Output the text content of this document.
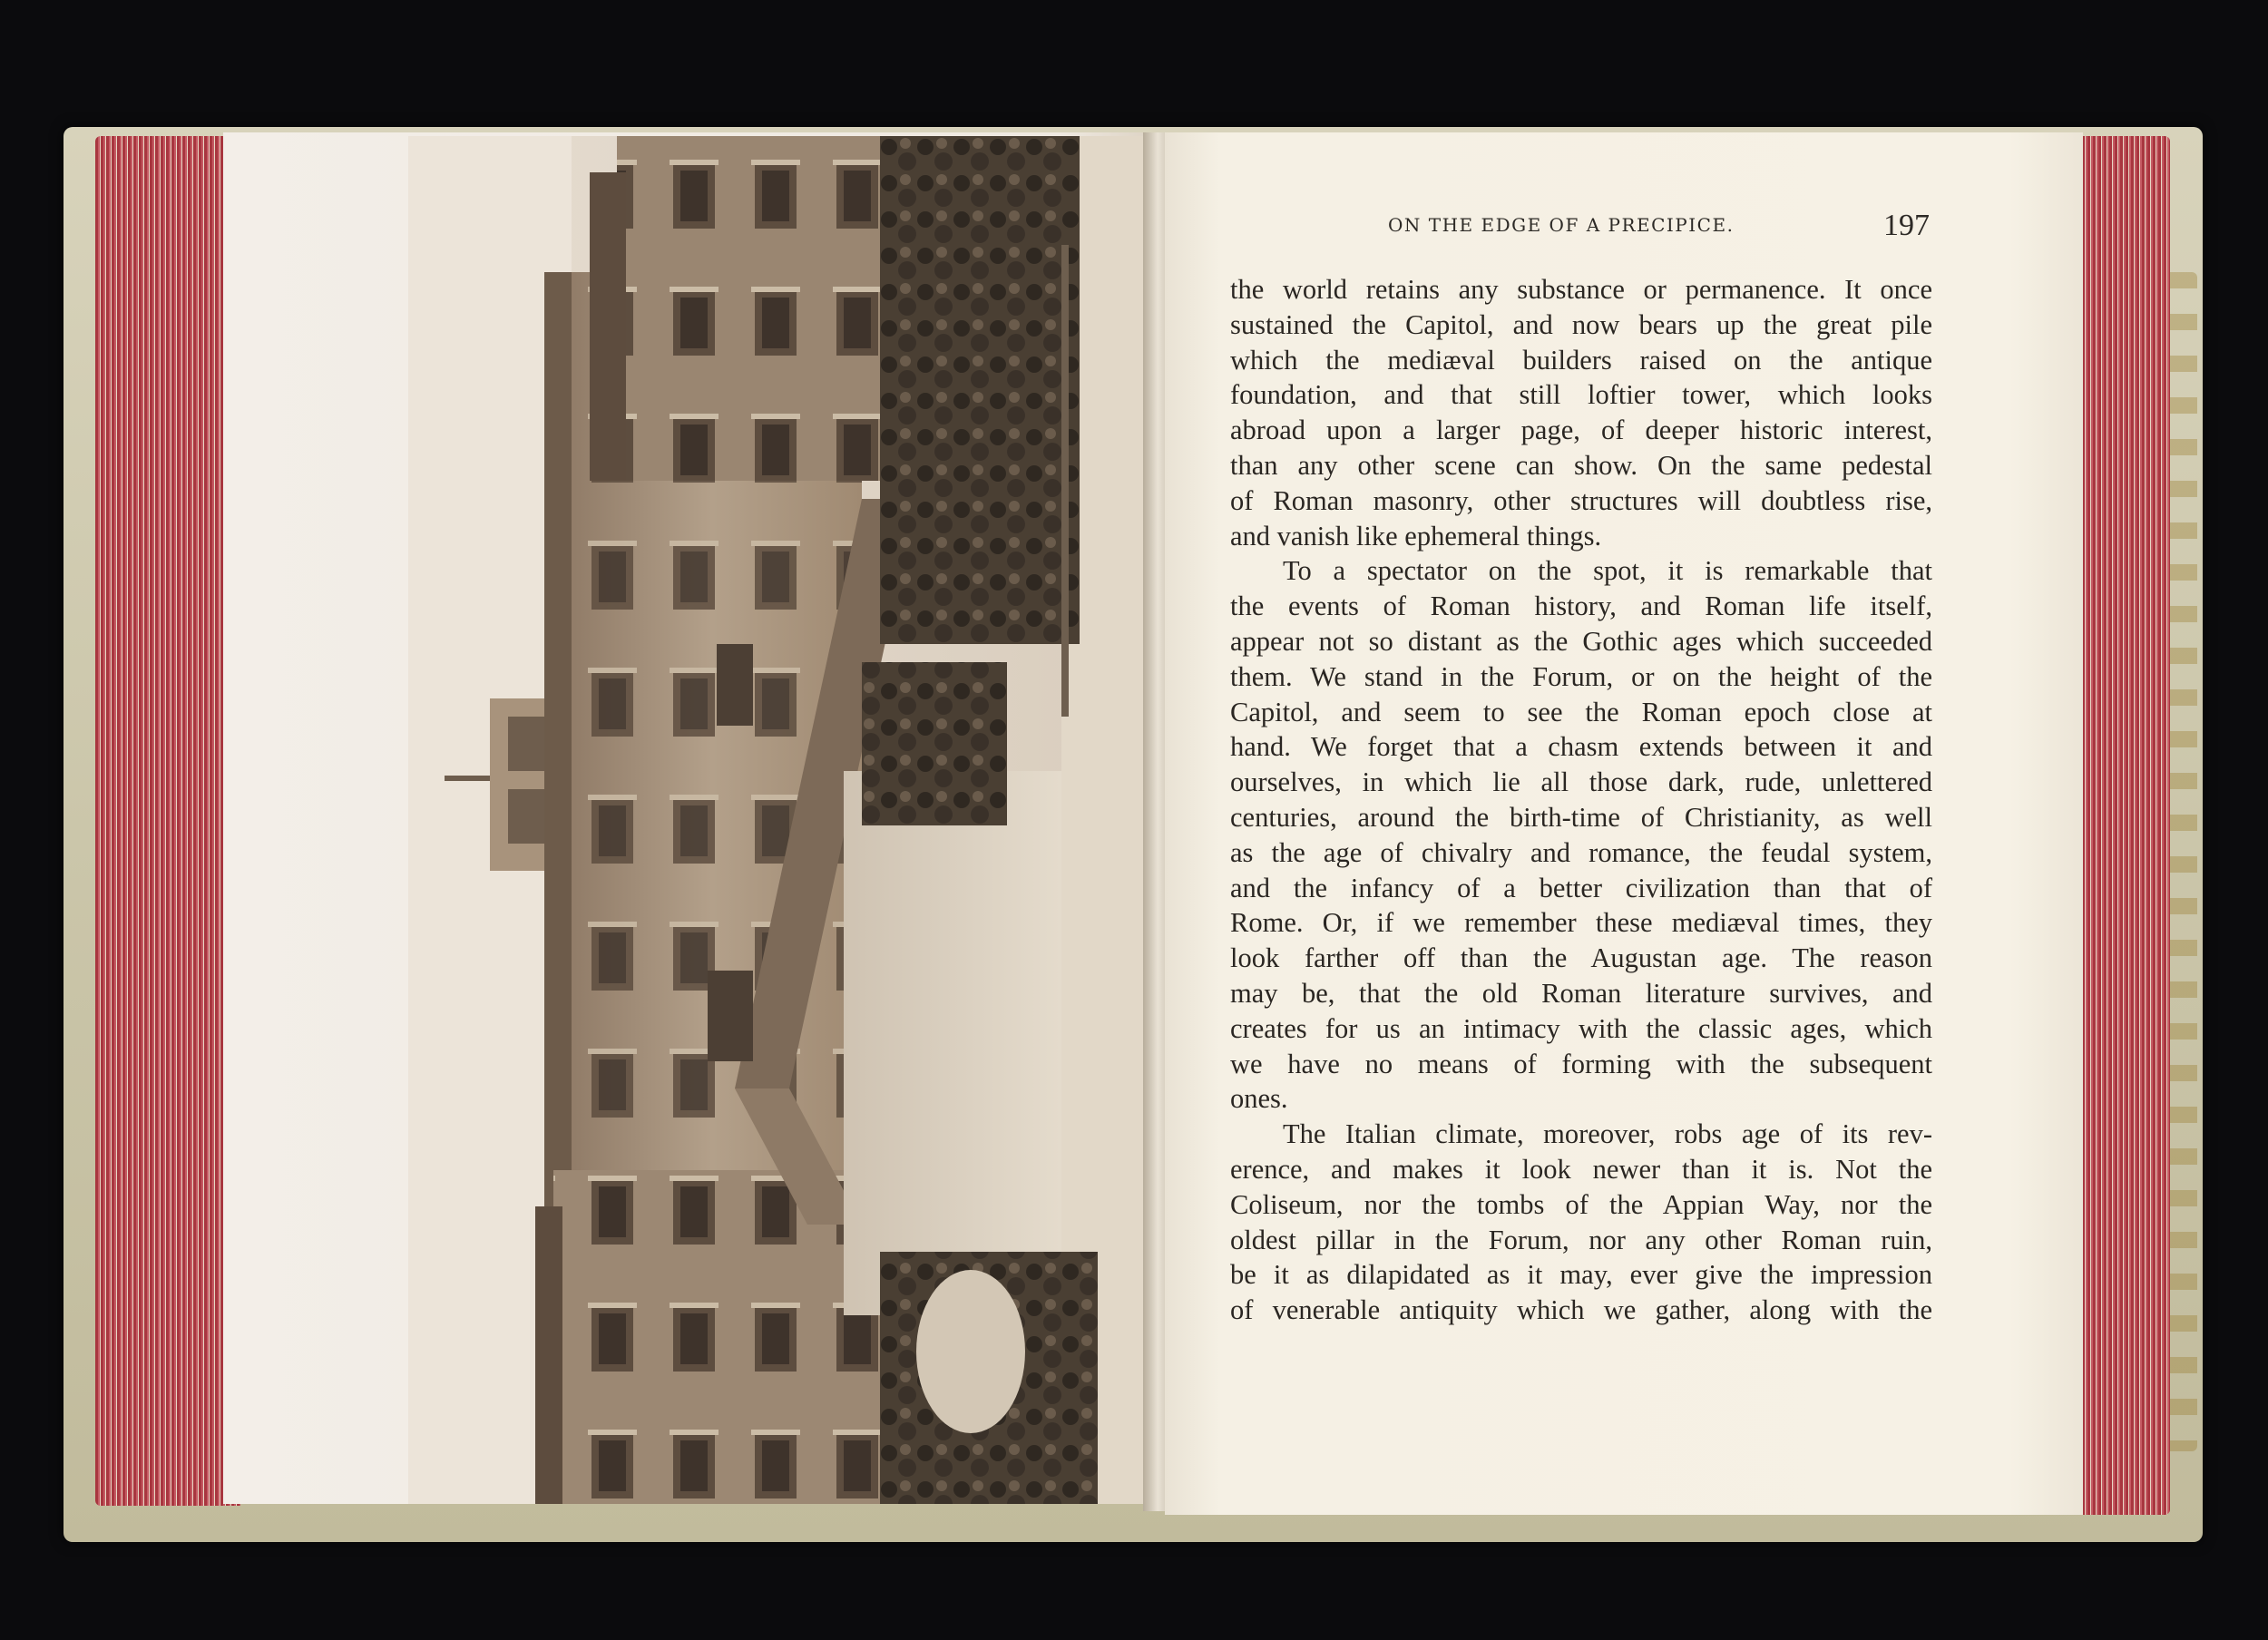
ON THE EDGE OF A PRECIPICE.	197
the world retains any substance or permanence. It once
sustained the Capitol, and now bears up the great pile
which the mediæval builders raised on the antique
foundation, and that still loftier tower, which looks
abroad upon a larger page, of deeper historic interest,
than any other scene can show. On the same pedestal
of Roman masonry, other structures will doubtless rise,
and vanish like ephemeral things.
To a spectator on the spot, it is remarkable that
the events of Roman history, and Roman life itself,
appear not so distant as the Gothic ages which succeeded
them. We stand in the Forum, or on the height of the
Capitol, and seem to see the Roman epoch close at
hand. We forget that a chasm extends between it and
ourselves, in which lie all those dark, rude, unlettered
centuries, around the birth-time of Christianity, as well
as the age of chivalry and romance, the feudal system,
and the infancy of a better civilization than that of
Rome. Or, if we remember these mediæval times, they
look farther off than the Augustan age. The reason
may be, that the old Roman literature survives, and
creates for us an intimacy with the classic ages, which
we have no means of forming with the subsequent
ones.
The Italian climate, moreover, robs age of its rev-
erence, and makes it look newer than it is. Not the
Coliseum, nor the tombs of the Appian Way, nor the
oldest pillar in the Forum, nor any other Roman ruin,
be it as dilapidated as it may, ever give the impression
of venerable antiquity which we gather, along with the
